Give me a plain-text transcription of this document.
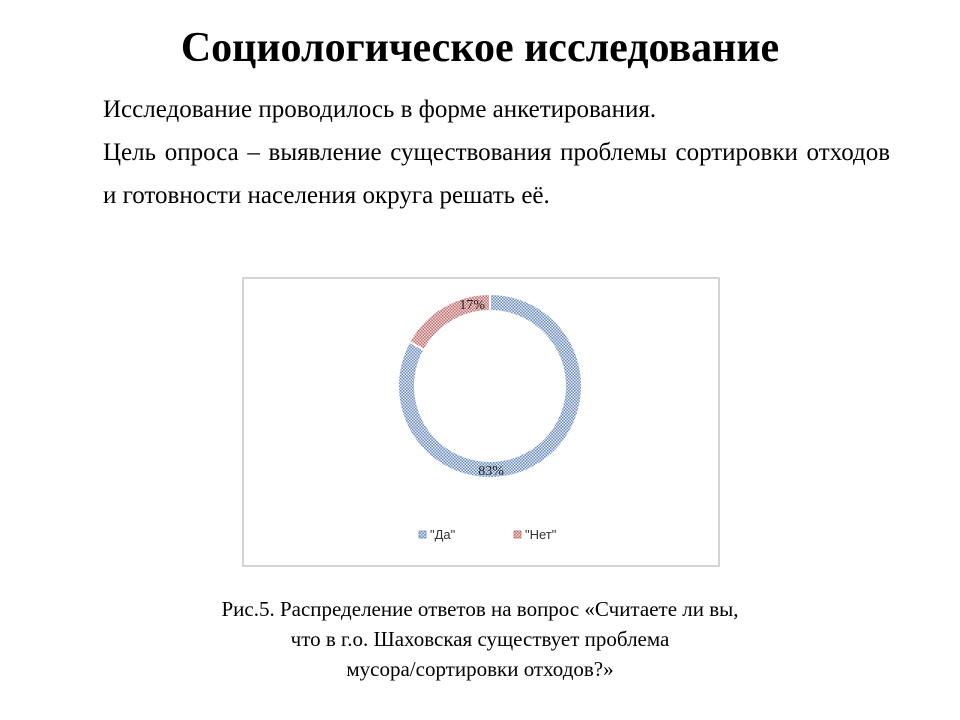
Социологическое исследование

Исследование проводилось в форме анкетирования.

Цель опроса – выявление существования проблемы сортировки отходов и готовности населения округа решать её.

83%
17%
"Да"	"Нет"
Рис.5. Распределение ответов на вопрос «Считаете ли вы,
что в г.о. Шаховская существует проблема
мусора/сортировки отходов?»
